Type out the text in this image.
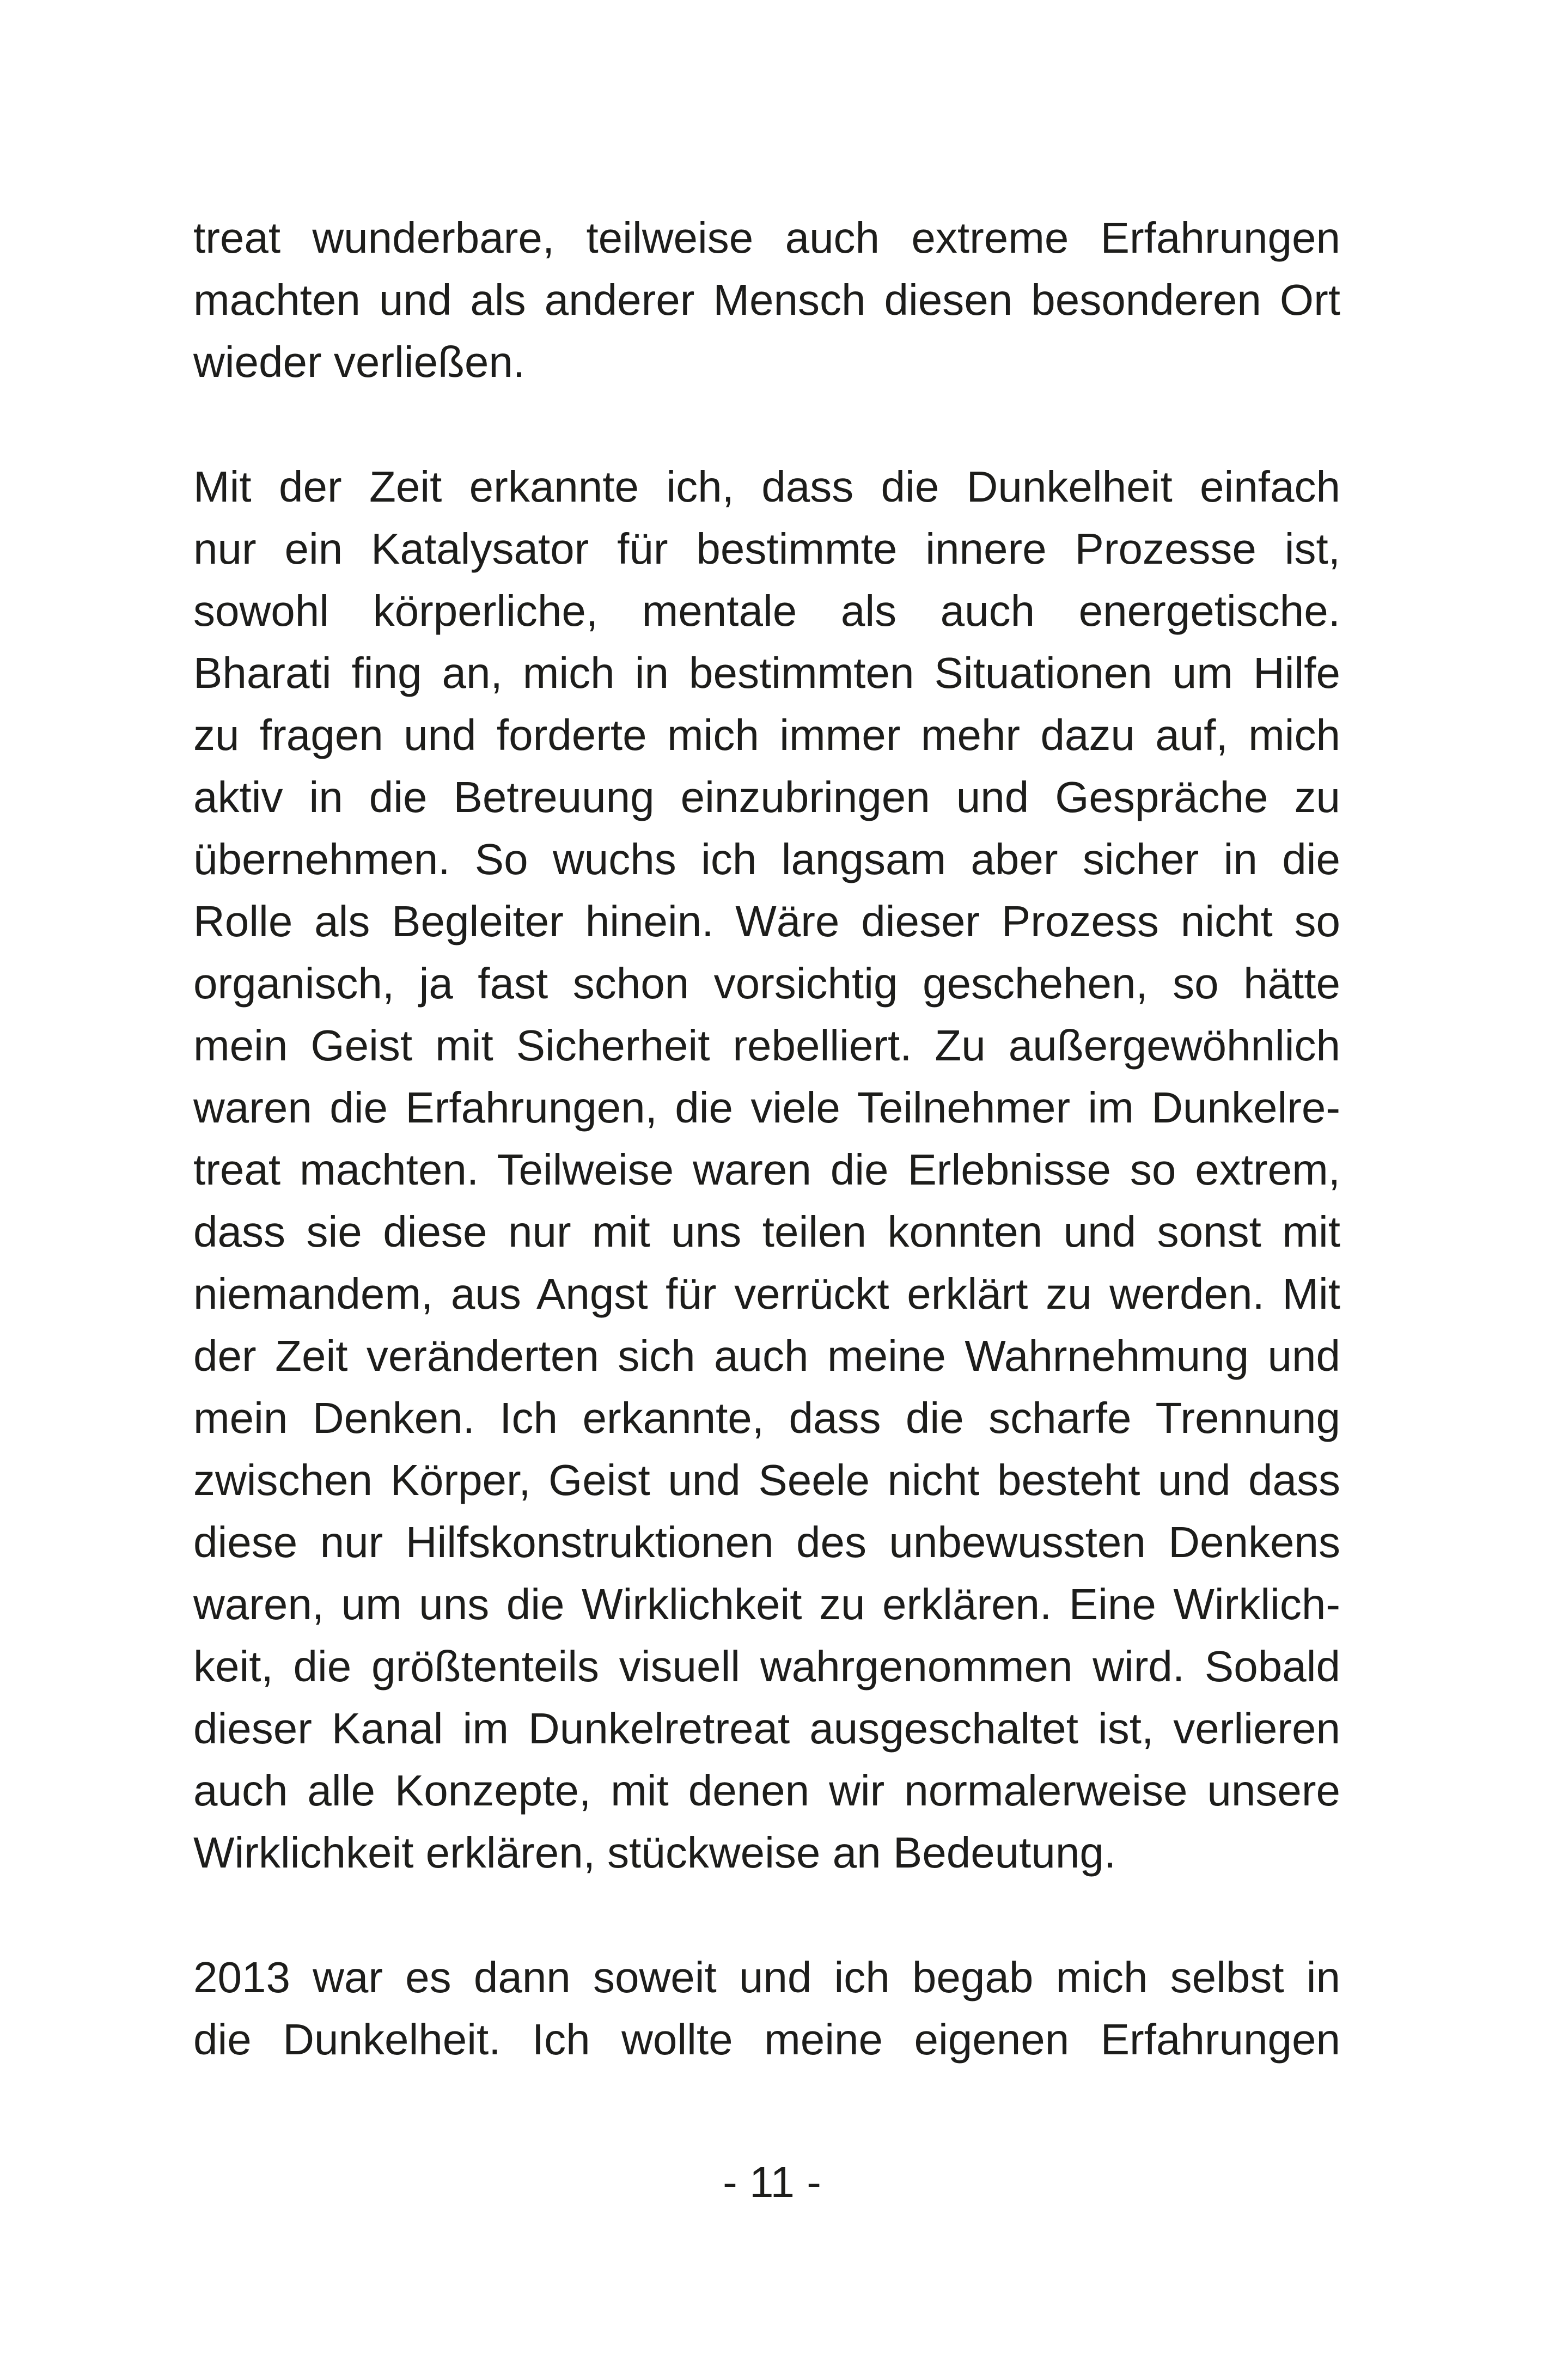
treat wunderbare, teilweise auch extreme Erfahrungen
machten und als anderer Mensch diesen besonderen Ort
wieder verließen.
Mit der Zeit erkannte ich, dass die Dunkelheit einfach
nur ein Katalysator für bestimmte innere Prozesse ist,
sowohl körperliche, mentale als auch energetische.
Bharati fing an, mich in bestimmten Situationen um Hilfe
zu fragen und forderte mich immer mehr dazu auf, mich
aktiv in die Betreuung einzubringen und Gespräche zu
übernehmen. So wuchs ich langsam aber sicher in die
Rolle als Begleiter hinein. Wäre dieser Prozess nicht so
organisch, ja fast schon vorsichtig geschehen, so hätte
mein Geist mit Sicherheit rebelliert. Zu außergewöhnlich
waren die Erfahrungen, die viele Teilnehmer im Dunkelre-
treat machten. Teilweise waren die Erlebnisse so extrem,
dass sie diese nur mit uns teilen konnten und sonst mit
niemandem, aus Angst für verrückt erklärt zu werden. Mit
der Zeit veränderten sich auch meine Wahrnehmung und
mein Denken. Ich erkannte, dass die scharfe Trennung
zwischen Körper, Geist und Seele nicht besteht und dass
diese nur Hilfskonstruktionen des unbewussten Denkens
waren, um uns die Wirklichkeit zu erklären. Eine Wirklich-
keit, die größtenteils visuell wahrgenommen wird. Sobald
dieser Kanal im Dunkelretreat ausgeschaltet ist, verlieren
auch alle Konzepte, mit denen wir normalerweise unsere
Wirklichkeit erklären, stückweise an Bedeutung.
2013 war es dann soweit und ich begab mich selbst in
die Dunkelheit. Ich wollte meine eigenen Erfahrungen
- 11 -
